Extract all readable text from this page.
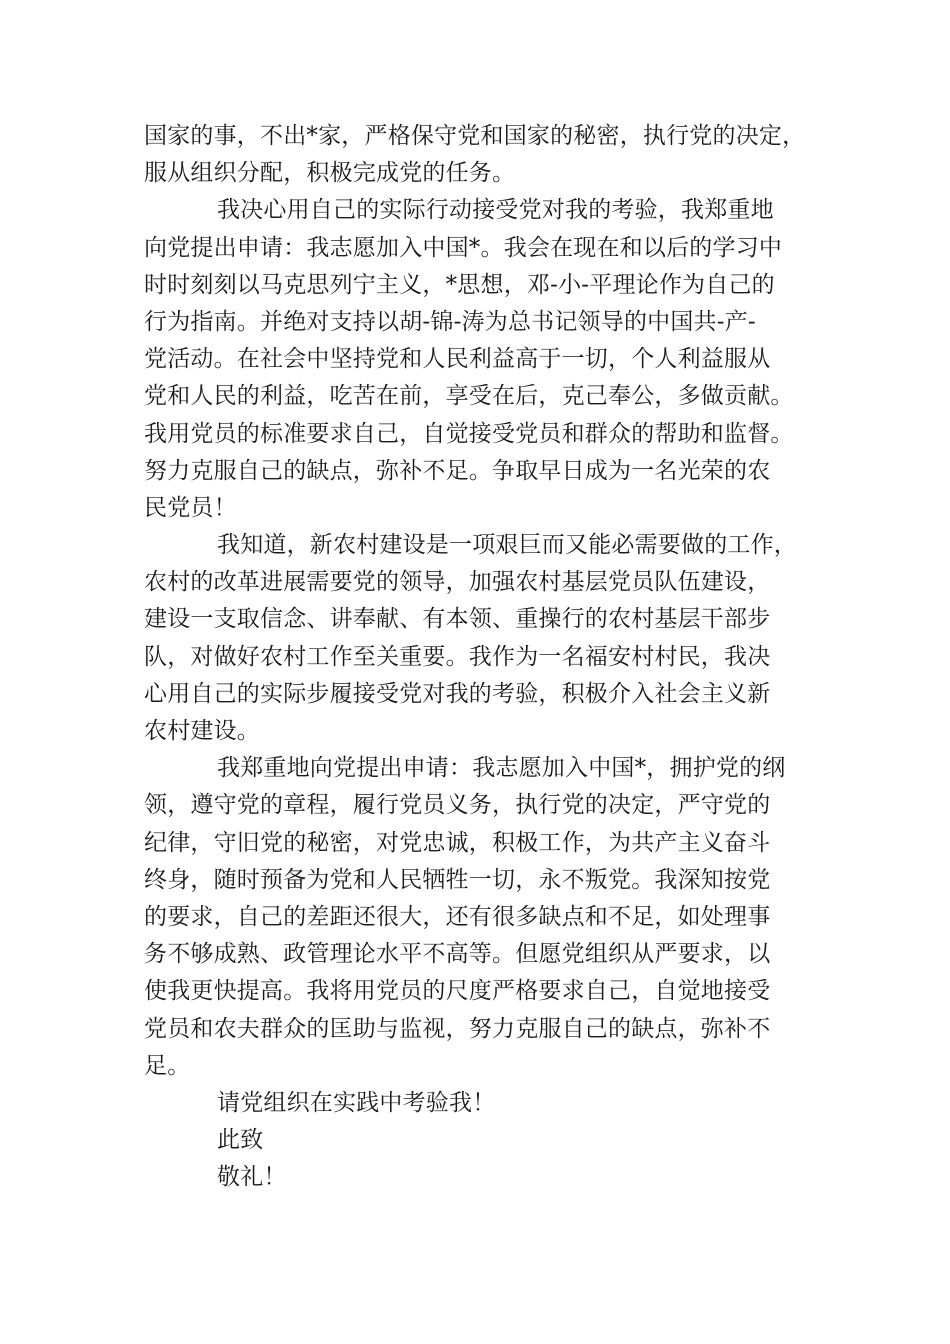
国家的事，不出*家，严格保守党和国家的秘密，执行党的决定，
服从组织分配，积极完成党的任务。
我决心用自己的实际行动接受党对我的考验，我郑重地
向党提出申请：我志愿加入中国*。我会在现在和以后的学习中
时时刻刻以马克思列宁主义，*思想，邓-小-平理论作为自己的
行为指南。并绝对支持以胡-锦-涛为总书记领导的中国共-产-
党活动。在社会中坚持党和人民利益高于一切，个人利益服从
党和人民的利益，吃苦在前，享受在后，克己奉公，多做贡献。
我用党员的标准要求自己，自觉接受党员和群众的帮助和监督。
努力克服自己的缺点，弥补不足。争取早日成为一名光荣的农
民党员！
我知道，新农村建设是一项艰巨而又能必需要做的工作，
农村的改革进展需要党的领导，加强农村基层党员队伍建设，
建设一支取信念、讲奉献、有本领、重操行的农村基层干部步
队，对做好农村工作至关重要。我作为一名福安村村民，我决
心用自己的实际步履接受党对我的考验，积极介入社会主义新
农村建设。
我郑重地向党提出申请：我志愿加入中国*，拥护党的纲
领，遵守党的章程，履行党员义务，执行党的决定，严守党的
纪律，守旧党的秘密，对党忠诚，积极工作，为共产主义奋斗
终身，随时预备为党和人民牺牲一切，永不叛党。我深知按党
的要求，自己的差距还很大，还有很多缺点和不足，如处理事
务不够成熟、政管理论水平不高等。但愿党组织从严要求，以
使我更快提高。我将用党员的尺度严格要求自己，自觉地接受
党员和农夫群众的匡助与监视，努力克服自己的缺点，弥补不
足。
请党组织在实践中考验我！
此致
敬礼！
